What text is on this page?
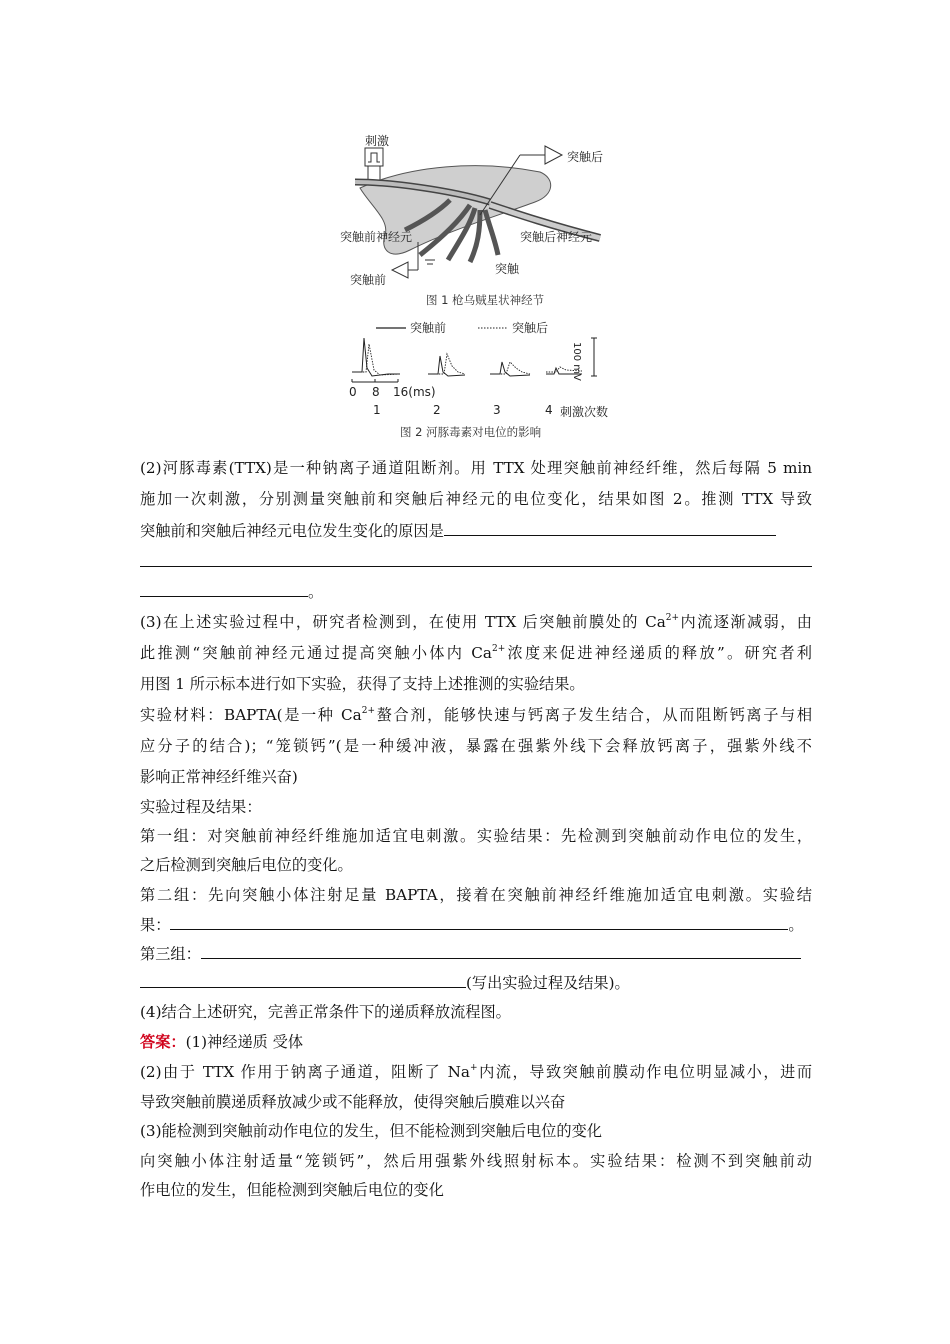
刺激
突触后
突触前神经元	突触后神经元
突触
突触前
图 1 枪乌贼星状神经节
突触前	突触后
100 mV
0 8 16(ms)
1	2	3	4 刺激次数
图 2 河豚毒素对电位的影响
(2)河豚毒素(TTX)是一种钠离子通道阻断剂。用 TTX 处理突触前神经纤维，然后每隔 5 min
施加一次刺激，分别测量突触前和突触后神经元的电位变化，结果如图 2。推测 TTX 导致
突触前和突触后神经元电位发生变化的原因是
。
(3)在上述实验过程中，研究者检测到，在使用 TTX 后突触前膜处的 $Ca^{2+}$内流逐渐减弱，由
此推测“突触前神经元通过提高突触小体内 $Ca^{2+}$浓度来促进神经递质的释放”。研究者利
用图 1 所示标本进行如下实验，获得了支持上述推测的实验结果。
实验材料：BAPTA(是一种 $Ca^{2+}$螯合剂，能够快速与钙离子发生结合，从而阻断钙离子与相
应分子的结合)；“笼锁钙”(是一种缓冲液，暴露在强紫外线下会释放钙离子，强紫外线不
影响正常神经纤维兴奋)
实验过程及结果：
第一组：对突触前神经纤维施加适宜电刺激。实验结果：先检测到突触前动作电位的发生，
之后检测到突触后电位的变化。
第二组：先向突触小体注射足量 BAPTA，接着在突触前神经纤维施加适宜电刺激。实验结
果：	。
第三组：
(写出实验过程及结果)。
(4)结合上述研究，完善正常条件下的递质释放流程图。
答案：(1)神经递质 受体
(2)由于 TTX 作用于钠离子通道，阻断了 Na+内流，导致突触前膜动作电位明显减小，进而
导致突触前膜递质释放减少或不能释放，使得突触后膜难以兴奋
(3)能检测到突触前动作电位的发生，但不能检测到突触后电位的变化
向突触小体注射适量“笼锁钙”，然后用强紫外线照射标本。实验结果：检测不到突触前动
作电位的发生，但能检测到突触后电位的变化
